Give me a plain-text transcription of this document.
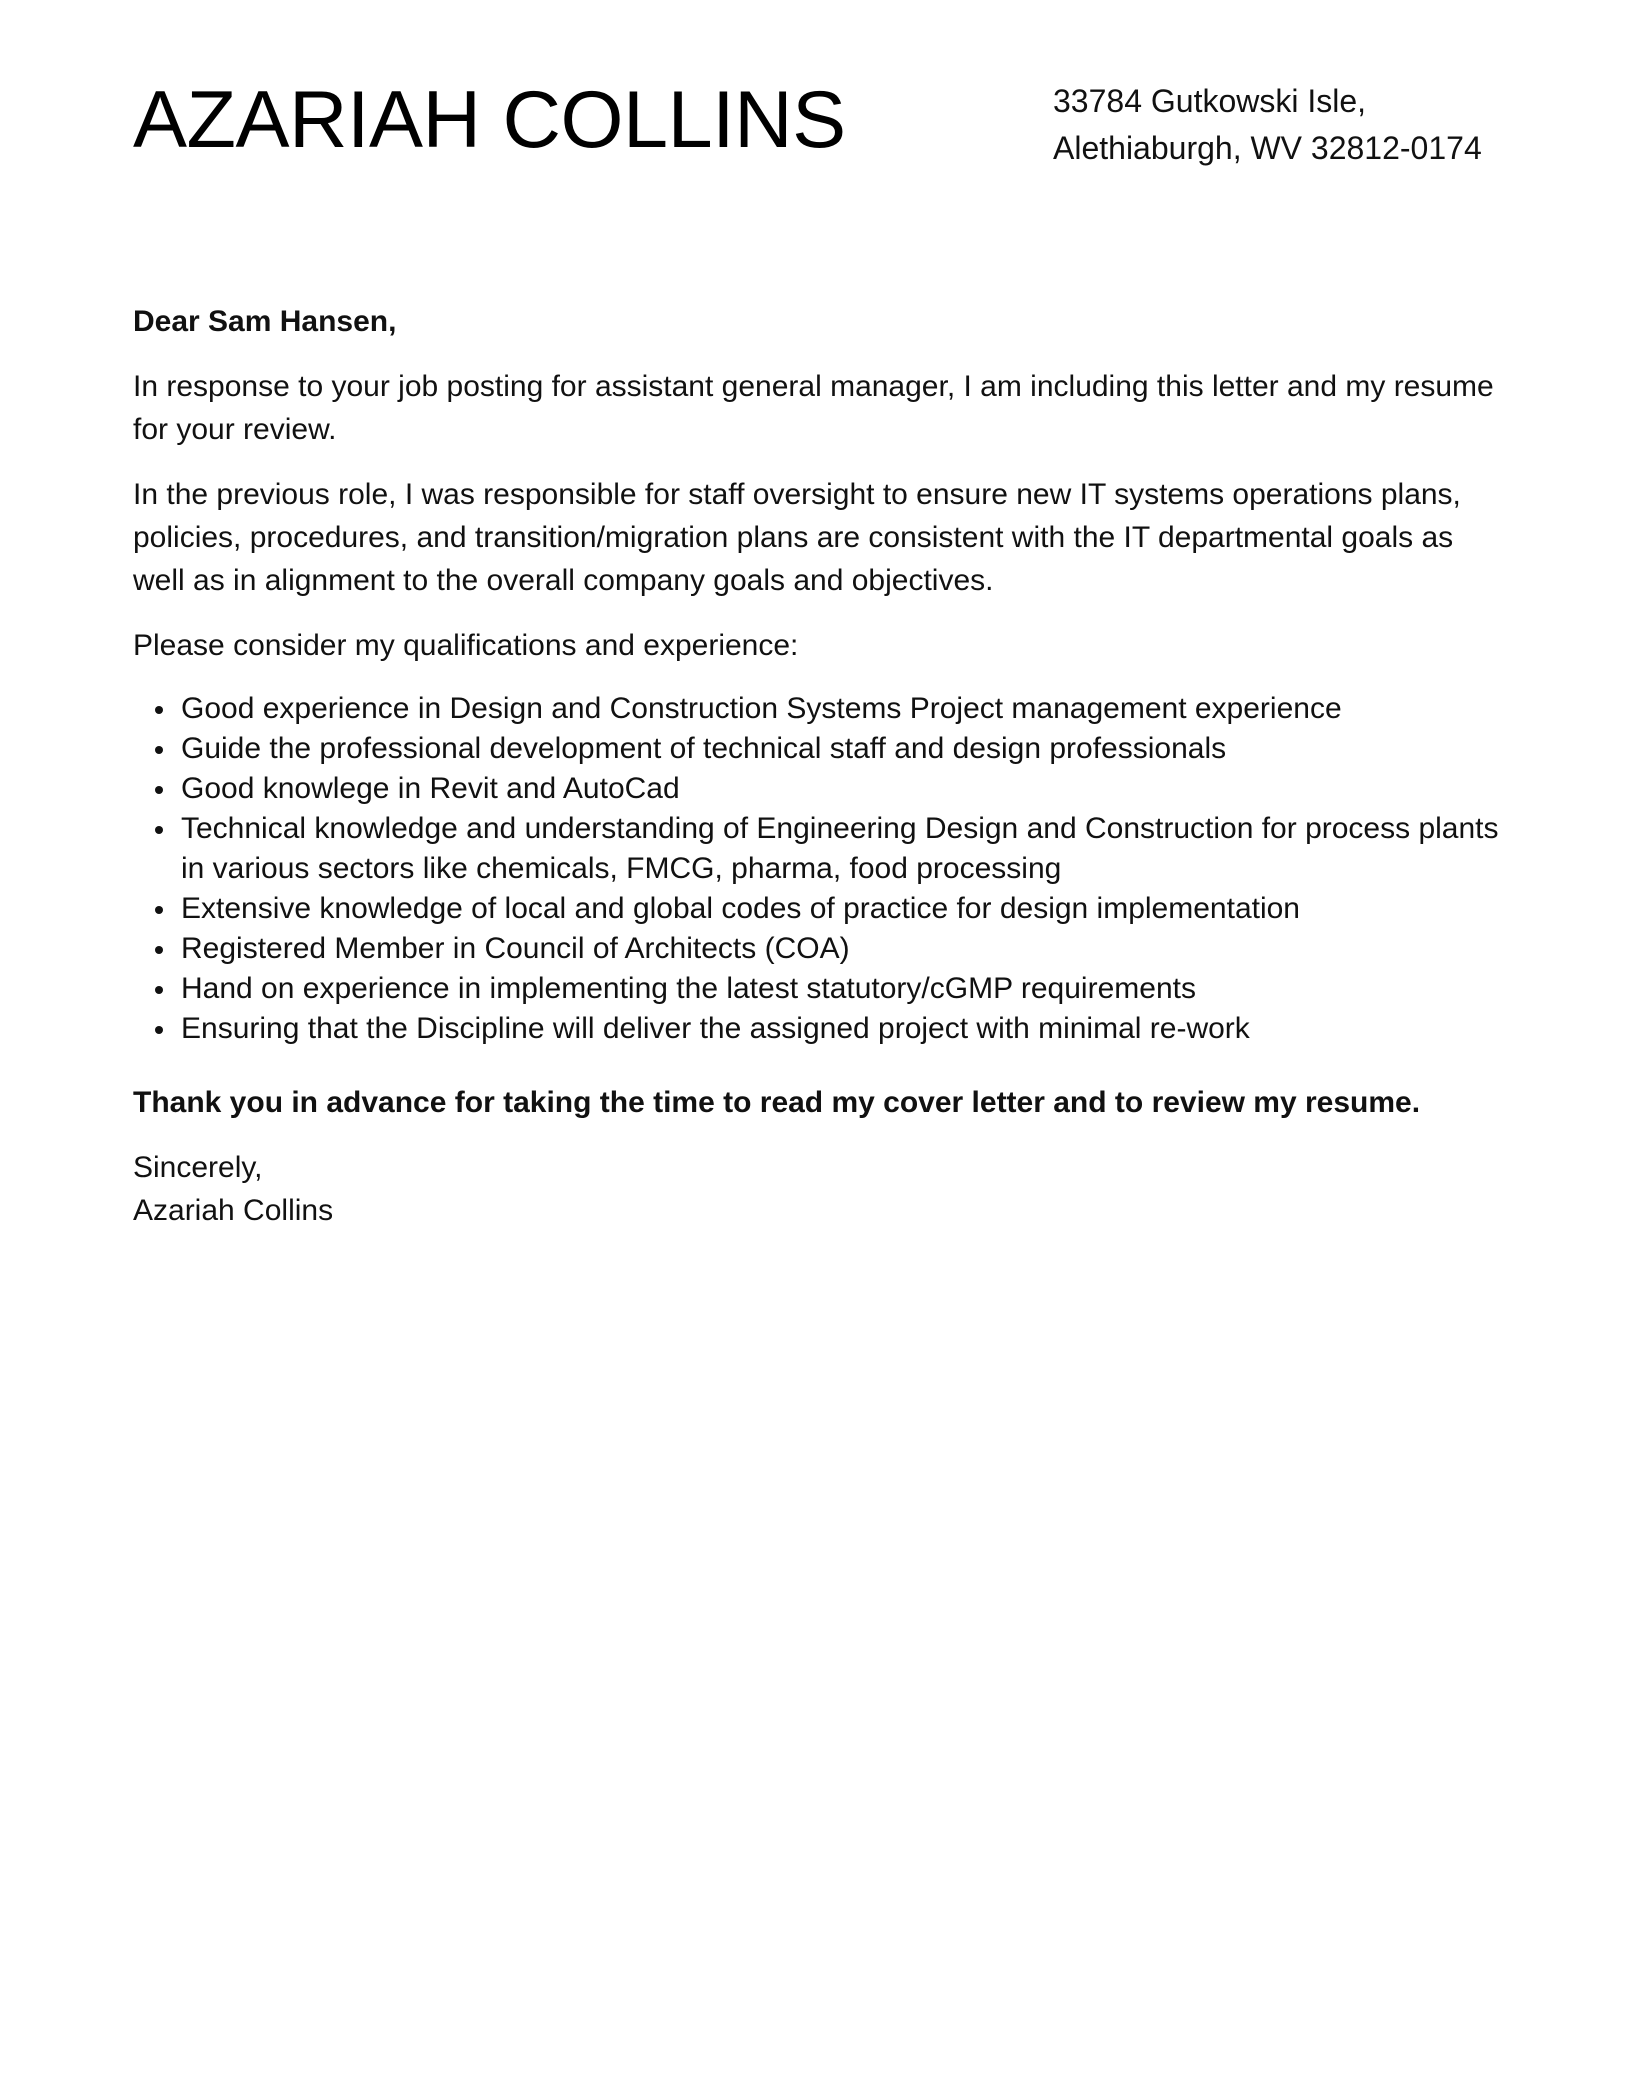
AZARIAH COLLINS	33784 Gutkowski Isle,
Alethiaburgh, WV 32812-0174

Dear Sam Hansen,

In response to your job posting for assistant general manager, I am including this letter and my resume for your review.

In the previous role, I was responsible for staff oversight to ensure new IT systems operations plans, policies, procedures, and transition/migration plans are consistent with the IT departmental goals as well as in alignment to the overall company goals and objectives.

Please consider my qualifications and experience:

Good experience in Design and Construction Systems Project management experience
Guide the professional development of technical staff and design professionals
Good knowlege in Revit and AutoCad
Technical knowledge and understanding of Engineering Design and Construction for process plants in various sectors like chemicals, FMCG, pharma, food processing
Extensive knowledge of local and global codes of practice for design implementation
Registered Member in Council of Architects (COA)
Hand on experience in implementing the latest statutory/cGMP requirements
Ensuring that the Discipline will deliver the assigned project with minimal re-work

Thank you in advance for taking the time to read my cover letter and to review my resume.

Sincerely,
Azariah Collins
